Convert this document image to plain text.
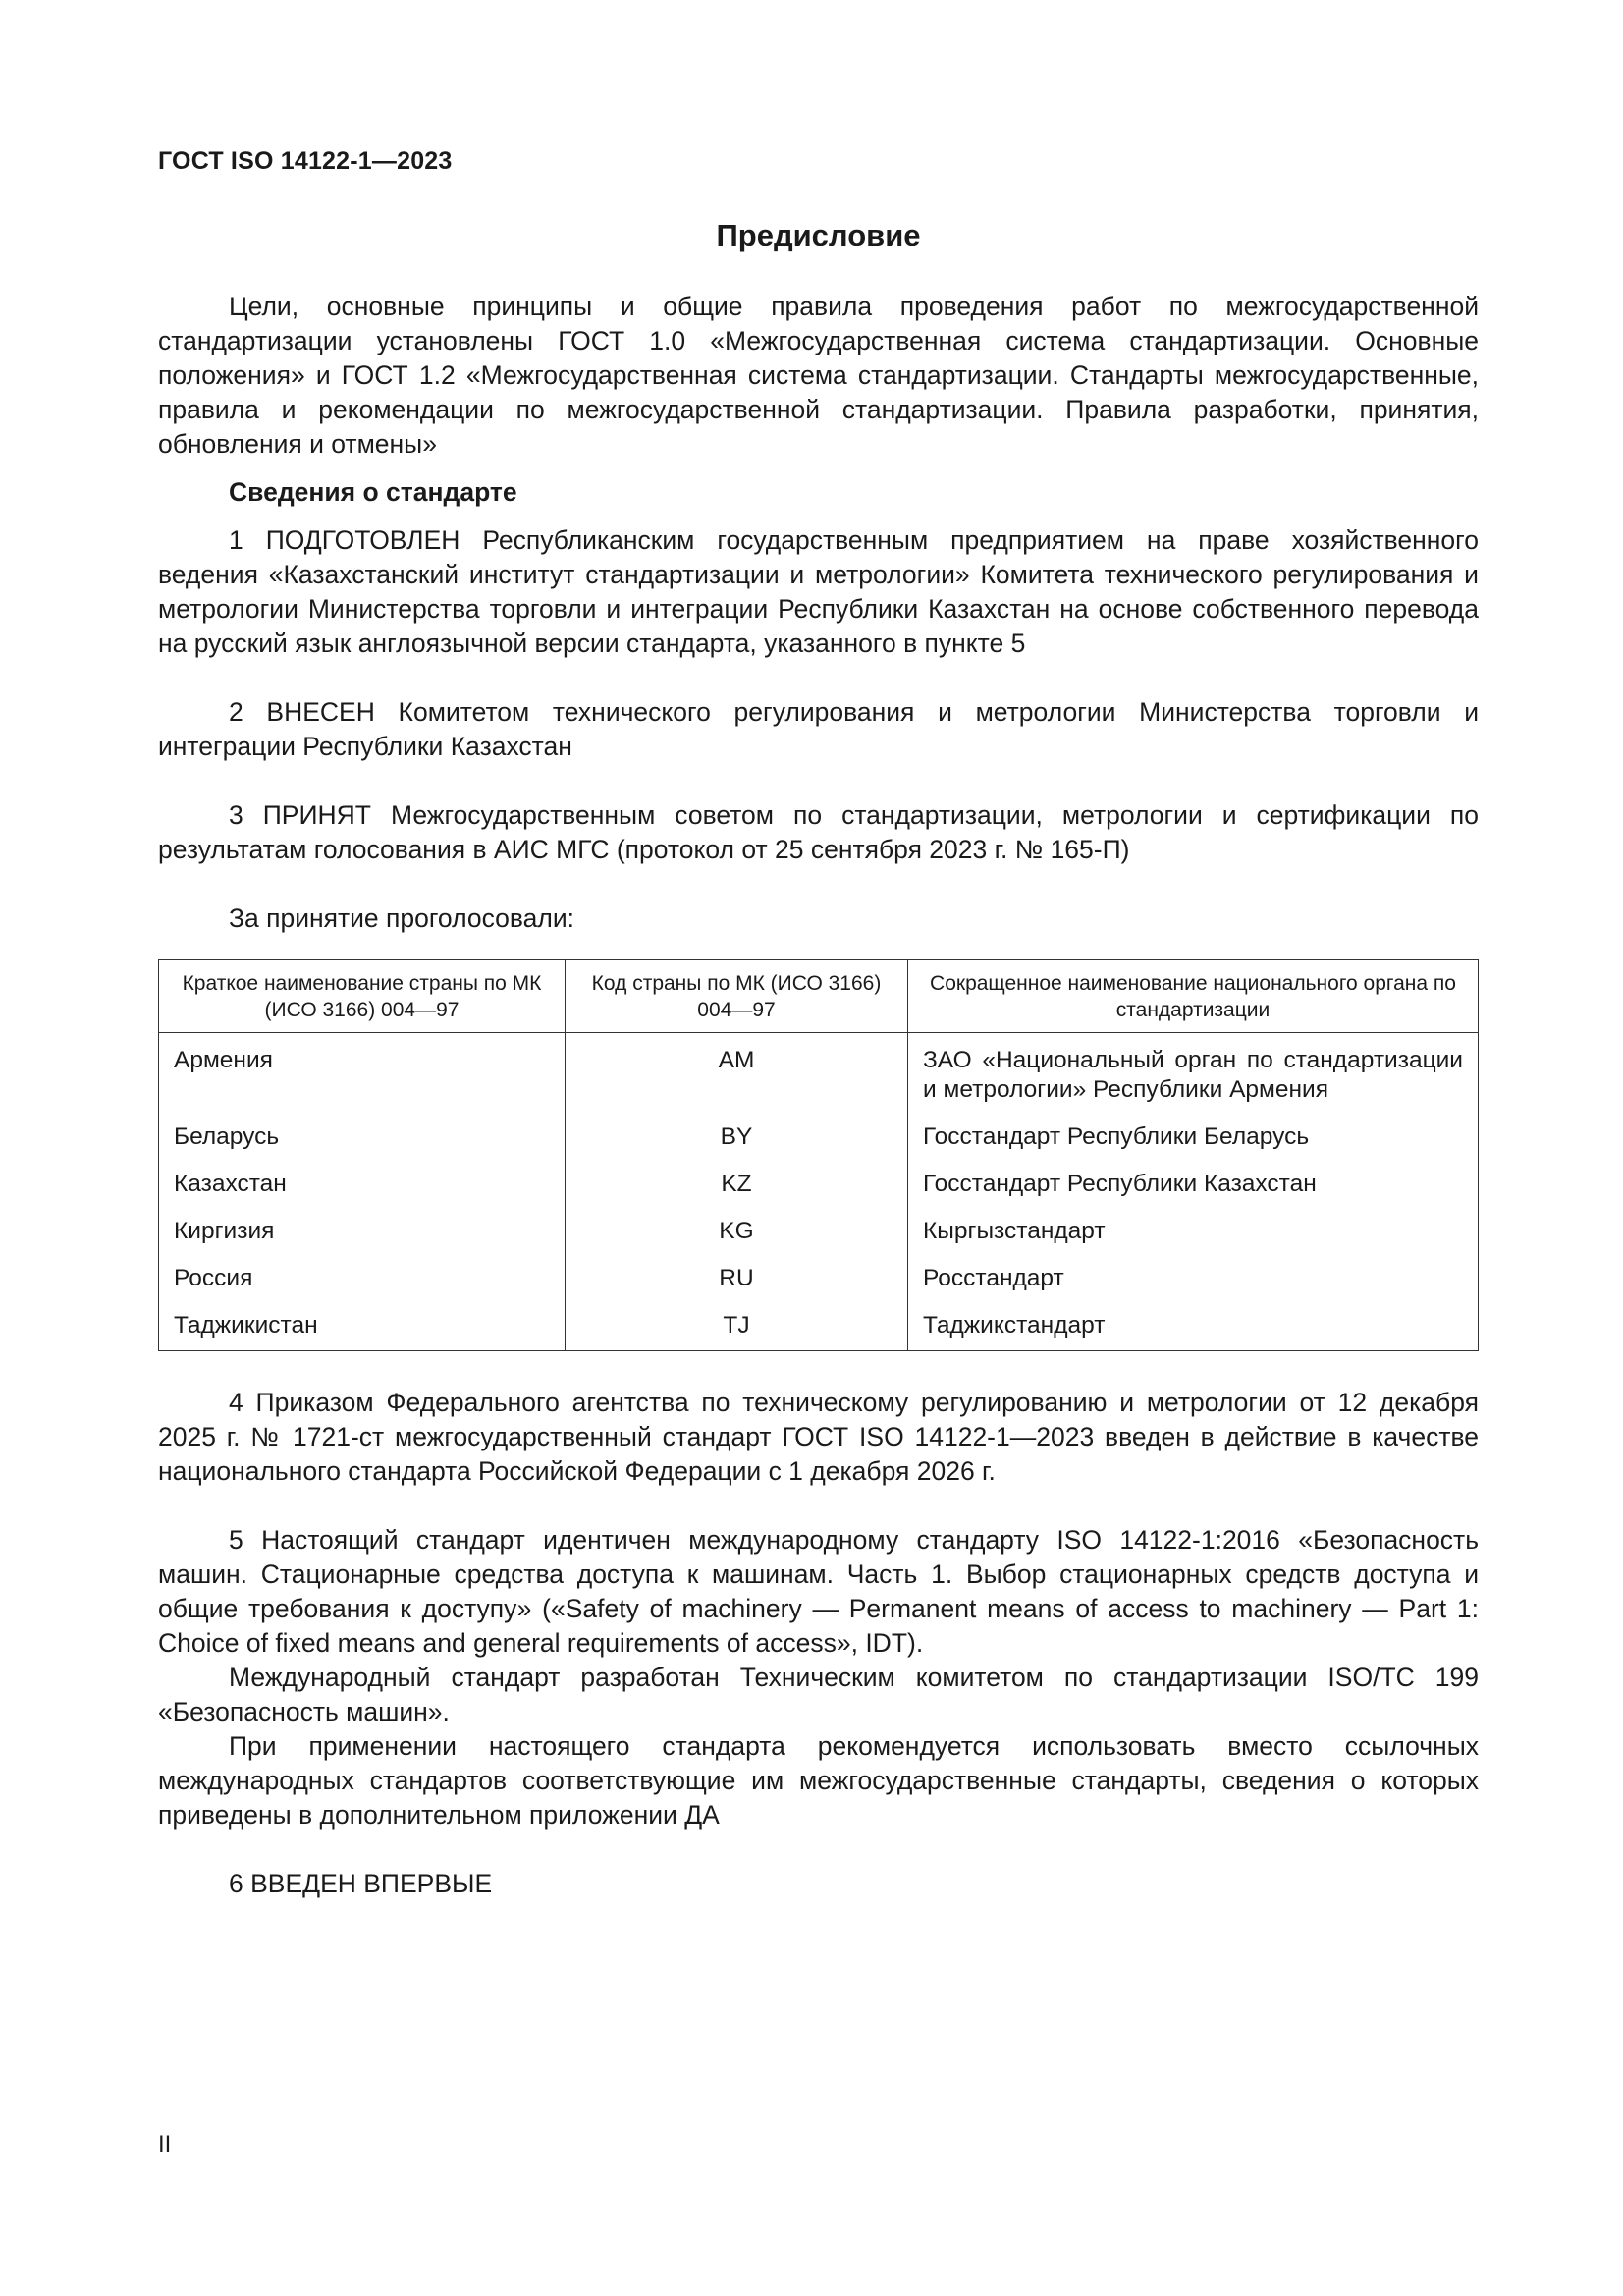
ГОСТ ISO 14122-1—2023
Предисловие

Цели, основные принципы и общие правила проведения работ по межгосударственной стандартизации установлены ГОСТ 1.0 «Межгосударственная система стандартизации. Основные положения» и ГОСТ 1.2 «Межгосударственная система стандартизации. Стандарты межгосударственные, правила и рекомендации по межгосударственной стандартизации. Правила разработки, принятия, обновления и отмены»

Сведения о стандарте

1 ПОДГОТОВЛЕН Республиканским государственным предприятием на праве хозяйственного ведения «Казахстанский институт стандартизации и метрологии» Комитета технического регулирования и метрологии Министерства торговли и интеграции Республики Казахстан на основе собственного перевода на русский язык англоязычной версии стандарта, указанного в пункте 5

2 ВНЕСЕН Комитетом технического регулирования и метрологии Министерства торговли и интеграции Республики Казахстан

3 ПРИНЯТ Межгосударственным советом по стандартизации, метрологии и сертификации по результатам голосования в АИС МГС (протокол от 25 сентября 2023 г. № 165-П)

За принятие проголосовали:

Краткое наименование страны по МК (ИСО 3166) 004—97	Код страны по МК (ИСО 3166) 004—97	Сокращенное наименование национального органа по стандартизации
Армения	AM	ЗАО «Национальный орган по стандартизации и метрологии» Республики Армения
Беларусь	BY	Госстандарт Республики Беларусь
Казахстан	KZ	Госстандарт Республики Казахстан
Киргизия	KG	Кыргызстандарт
Россия	RU	Росстандарт
Таджикистан	TJ	Таджикстандарт

4 Приказом Федерального агентства по техническому регулированию и метрологии от 12 декабря 2025 г. № 1721-ст межгосударственный стандарт ГОСТ ISO 14122-1—2023 введен в действие в качестве национального стандарта Российской Федерации с 1 декабря 2026 г.

5 Настоящий стандарт идентичен международному стандарту ISO 14122-1:2016 «Безопасность машин. Стационарные средства доступа к машинам. Часть 1. Выбор стационарных средств доступа и общие требования к доступу» («Safety of machinery — Permanent means of access to machinery — Part 1: Choice of fixed means and general requirements of access», IDT).

Международный стандарт разработан Техническим комитетом по стандартизации ISO/TC 199 «Безопасность машин».

При применении настоящего стандарта рекомендуется использовать вместо ссылочных международных стандартов соответствующие им межгосударственные стандарты, сведения о которых приведены в дополнительном приложении ДА

6 ВВЕДЕН ВПЕРВЫЕ

II
